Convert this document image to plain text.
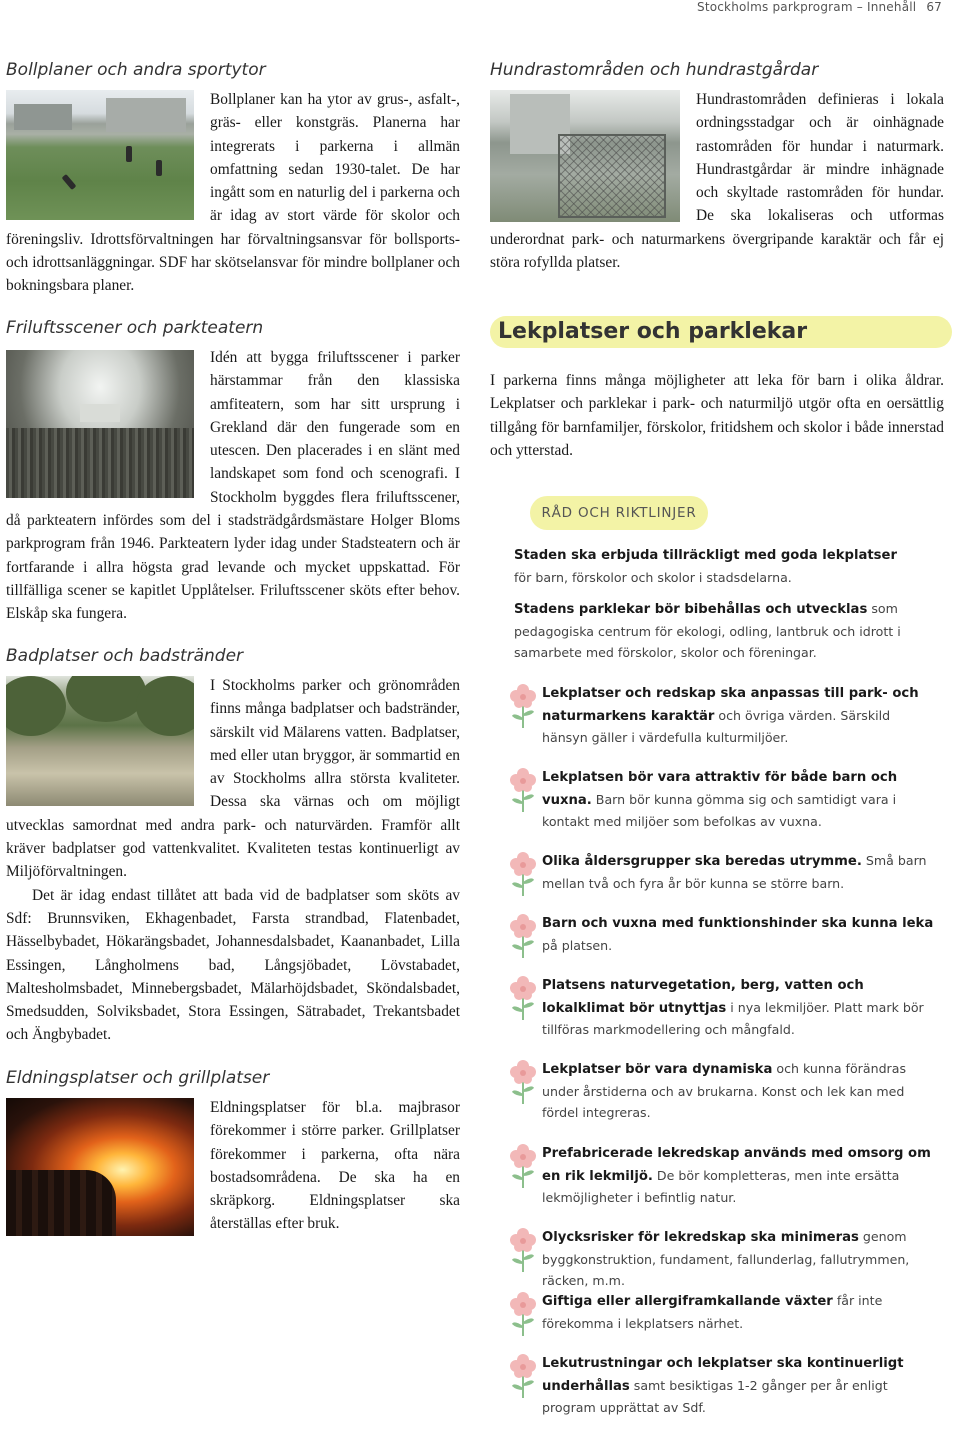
Stockholms parkprogram – Innehåll 67
Bollplaner och andra sportytor

Bollplaner kan ha ytor av grus-, asfalt-, gräs- eller konstgräs. Planerna har integrerats i parkerna i allmän omfattning sedan 1930-talet. De har ingått som en naturlig del i parkerna och är idag av stort värde för skolor och föreningsliv. Idrottsförvaltningen har förvaltningsansvar för bollsports- och idrottsanläggningar. SDF har skötselansvar för mindre bollplaner och bokningsbara planer.

Friluftsscener och parkteatern

Idén att bygga friluftsscener i parker härstammar från den klassiska amfiteatern, som har sitt ursprung i Grekland där den fungerade som en utescen. Den placerades i en slänt med landskapet som fond och scenografi. I Stockholm byggdes flera friluftsscener, då parkteatern infördes som del i stadsträdgårdsmästare Holger Bloms parkprogram från 1946. Parkteatern lyder idag under Stadsteatern och är fortfarande i allra högsta grad levande och mycket uppskattad. För tillfälliga scener se kapitlet Upplåtelser. Friluftsscener sköts efter behov. Elskåp ska fungera.

Badplatser och badstränder

I Stockholms parker och grönområden finns många badplatser och badstränder, särskilt vid Mälarens vatten. Badplatser, med eller utan bryggor, är sommartid en av Stockholms allra största kvaliteter. Dessa ska värnas och om möjligt utvecklas samordnat med andra park- och naturvärden. Framför allt kräver badplatser god vattenkvalitet. Kvaliteten testas kontinuerligt av Miljöförvaltningen.

Det är idag endast tillåtet att bada vid de badplatser som sköts av Sdf: Brunnsviken, Ekhagenbadet, Farsta strandbad, Flatenbadet, Hässelbybadet, Hökarängsbadet, Johannesdalsbadet, Kaananbadet, Lilla Essingen, Långholmens bad, Långsjöbadet, Lövstabadet, Maltesholmsbadet, Minnebergsbadet, Mälarhöjdsbadet, Sköndalsbadet, Smedsudden, Solviksbadet, Stora Essingen, Sätrabadet, Trekantsbadet och Ängbybadet.

Eldningsplatser och grillplatser

Eldningsplatser för bl.a. majbrasor förekommer i större parker. Grillplatser förekommer i parkerna, ofta nära bostadsområdena. De ska ha en skräpkorg. Eldningsplatser ska återställas efter bruk.

Hundrastområden och hundrastgårdar

Hundrastområden definieras i lokala ordningsstadgar och är oinhägnade rastområden för hundar i naturmark. Hundrastgårdar är mindre inhägnade och skyltade rastområden för hundar. De ska lokaliseras och utformas underordnat park- och naturmarkens övergripande karaktär och får ej störa rofyllda platser.

Lekplatser och parklekar

I parkerna finns många möjligheter att leka för barn i olika åldrar. Lekplatser och parklekar i park- och naturmiljö utgör ofta en oersättlig tillgång för barnfamiljer, förskolor, fritidshem och skolor i både innerstad och ytterstad.

RÅD OCH RIKTLINJER

Staden ska erbjuda tillräckligt med goda lekplatser för barn, förskolor och skolor i stadsdelarna.

Stadens parklekar bör bibehållas och utvecklas som pedagogiska centrum för ekologi, odling, lantbruk och idrott i samarbete med förskolor, skolor och föreningar.

Lekplatser och redskap ska anpassas till park- och naturmarkens karaktär och övriga värden. Särskild hänsyn gäller i värdefulla kulturmiljöer.

Lekplatsen bör vara attraktiv för både barn och vuxna. Barn bör kunna gömma sig och samtidigt vara i kontakt med miljöer som befolkas av vuxna.

Olika åldersgrupper ska beredas utrymme. Små barn mellan två och fyra år bör kunna se större barn.

Barn och vuxna med funktionshinder ska kunna leka på platsen.

Platsens naturvegetation, berg, vatten och lokalklimat bör utnyttjas i nya lekmiljöer. Platt mark bör tillföras markmodellering och mångfald.

Lekplatser bör vara dynamiska och kunna förändras under årstiderna och av brukarna. Konst och lek kan med fördel integreras.

Prefabricerade lekredskap används med omsorg om en rik lekmiljö. De bör kompletteras, men inte ersätta lekmöjligheter i befintlig natur.

Olycksrisker för lekredskap ska minimeras genom byggkonstruktion, fundament, fallunderlag, fallutrymmen, räcken, m.m.

Giftiga eller allergiframkallande växter får inte förekomma i lekplatsers närhet.

Lekutrustningar och lekplatser ska kontinuerligt underhållas samt besiktigas 1-2 gånger per år enligt program upprättat av Sdf.
